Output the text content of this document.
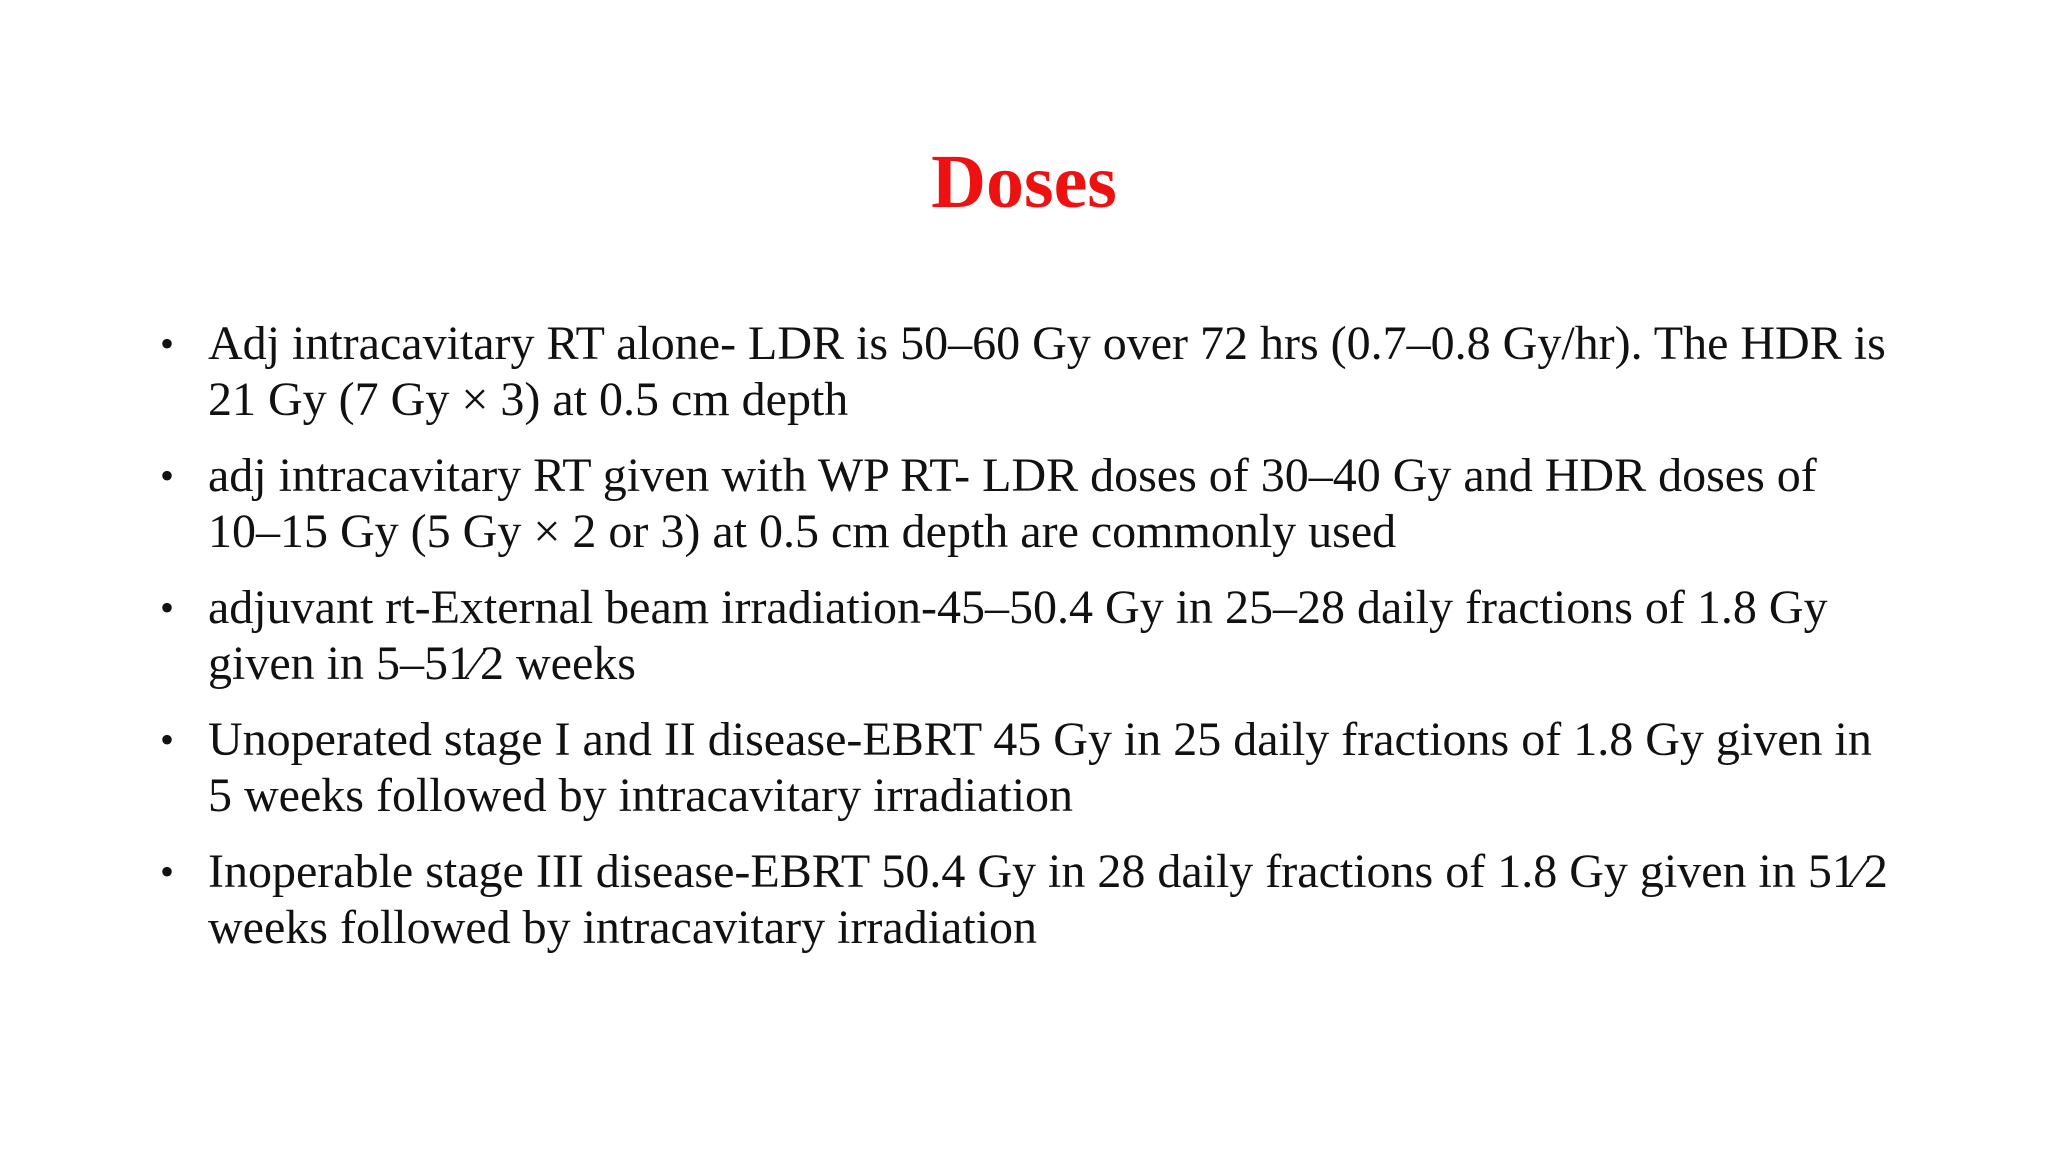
Doses
• Adj intracavitary RT alone- LDR is 50–60 Gy over 72 hrs (0.7–0.8 Gy/hr). The HDR is 21 Gy (7 Gy × 3) at 0.5 cm depth
• adj intracavitary RT given with WP RT- LDR doses of 30–40 Gy and HDR doses of 10–15 Gy (5 Gy × 2 or 3) at 0.5 cm depth are commonly used
• adjuvant rt-External beam irradiation-45–50.4 Gy in 25–28 daily fractions of 1.8 Gy given in 5–51⁄2 weeks
• Unoperated stage I and II disease-EBRT 45 Gy in 25 daily fractions of 1.8 Gy given in 5 weeks followed by intracavitary irradiation
• Inoperable stage III disease-EBRT 50.4 Gy in 28 daily fractions of 1.8 Gy given in 51⁄2 weeks followed by intracavitary irradiation
